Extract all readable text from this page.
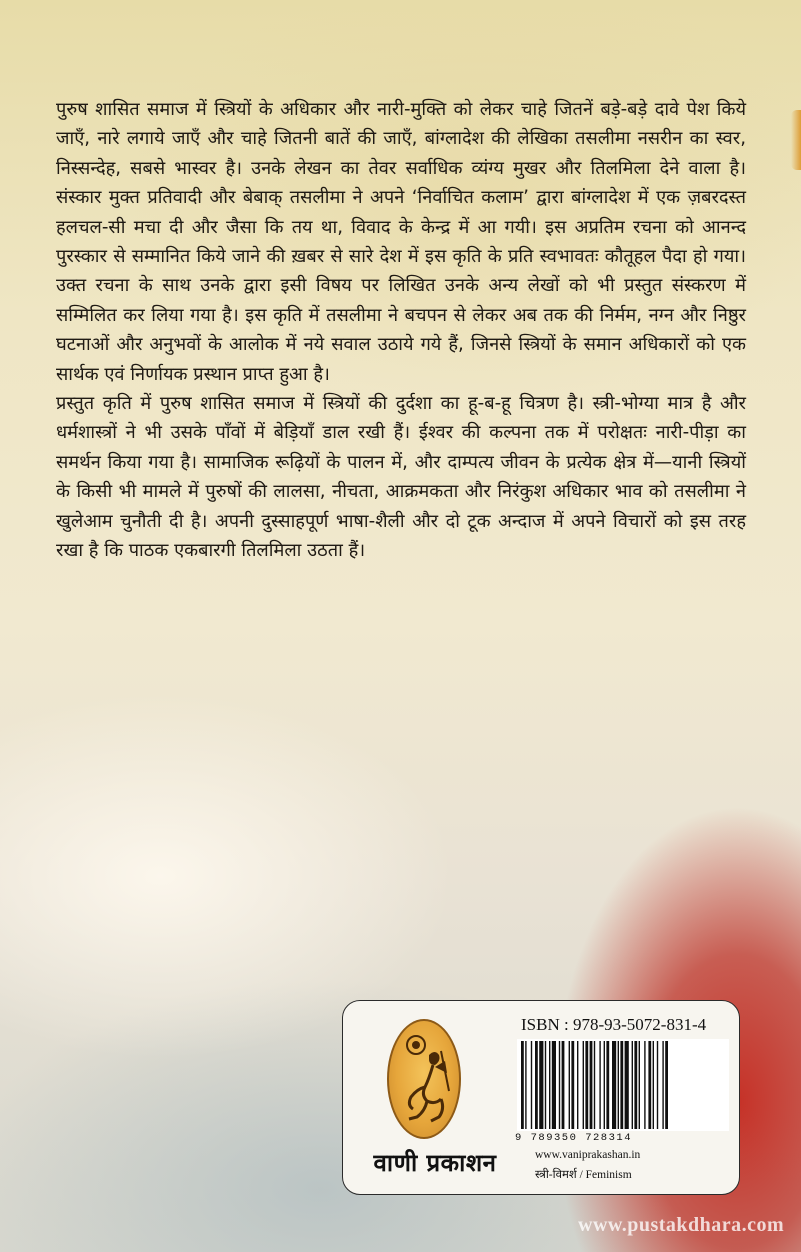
पुरुष शासित समाज में स्त्रियों के अधिकार और नारी-मुक्ति को लेकर चाहे जितनें बड़े-बड़े दावे पेश किये जाएँ, नारे लगाये जाएँ और चाहे जितनी बातें की जाएँ, बांग्लादेश की लेखिका तसलीमा नसरीन का स्वर, निस्सन्देह, सबसे भास्वर है। उनके लेखन का तेवर सर्वाधिक व्यंग्य मुखर और तिलमिला देने वाला है। संस्कार मुक्त प्रतिवादी और बेबाक् तसलीमा ने अपने ‘निर्वाचित कलाम’ द्वारा बांग्लादेश में एक ज़बरदस्त हलचल-सी मचा दी और जैसा कि तय था, विवाद के केन्द्र में आ गयी। इस अप्रतिम रचना को आनन्द पुरस्कार से सम्मानित किये जाने की ख़बर से सारे देश में इस कृति के प्रति स्वभावतः कौतूहल पैदा हो गया। उक्त रचना के साथ उनके द्वारा इसी विषय पर लिखित उनके अन्य लेखों को भी प्रस्तुत संस्करण में सम्मिलित कर लिया गया है। इस कृति में तसलीमा ने बचपन से लेकर अब तक की निर्मम, नग्न और निष्ठुर घटनाओं और अनुभवों के आलोक में नये सवाल उठाये गये हैं, जिनसे स्त्रियों के समान अधिकारों को एक सार्थक एवं निर्णायक प्रस्थान प्राप्त हुआ है।

प्रस्तुत कृति में पुरुष शासित समाज में स्त्रियों की दुर्दशा का हू-ब-हू चित्रण है। स्त्री-भोग्या मात्र है और धर्मशास्त्रों ने भी उसके पाँवों में बेड़ियाँ डाल रखी हैं। ईश्वर की कल्पना तक में परोक्षतः नारी-पीड़ा का समर्थन किया गया है। सामाजिक रूढ़ियों के पालन में, और दाम्पत्य जीवन के प्रत्येक क्षेत्र में—यानी स्त्रियों के किसी भी मामले में पुरुषों की लालसा, नीचता, आक्रमकता और निरंकुश अधिकार भाव को तसलीमा ने खुलेआम चुनौती दी है। अपनी दुस्साहपूर्ण भाषा-शैली और दो टूक अन्दाज में अपने विचारों को इस तरह रखा है कि पाठक एकबारगी तिलमिला उठता हैं।

वाणी प्रकाशन
ISBN : 978-93-5072-831-4
9 789350 728314
www.vaniprakashan.in
स्त्री-विमर्श / Feminism
www.pustakdhara.com
